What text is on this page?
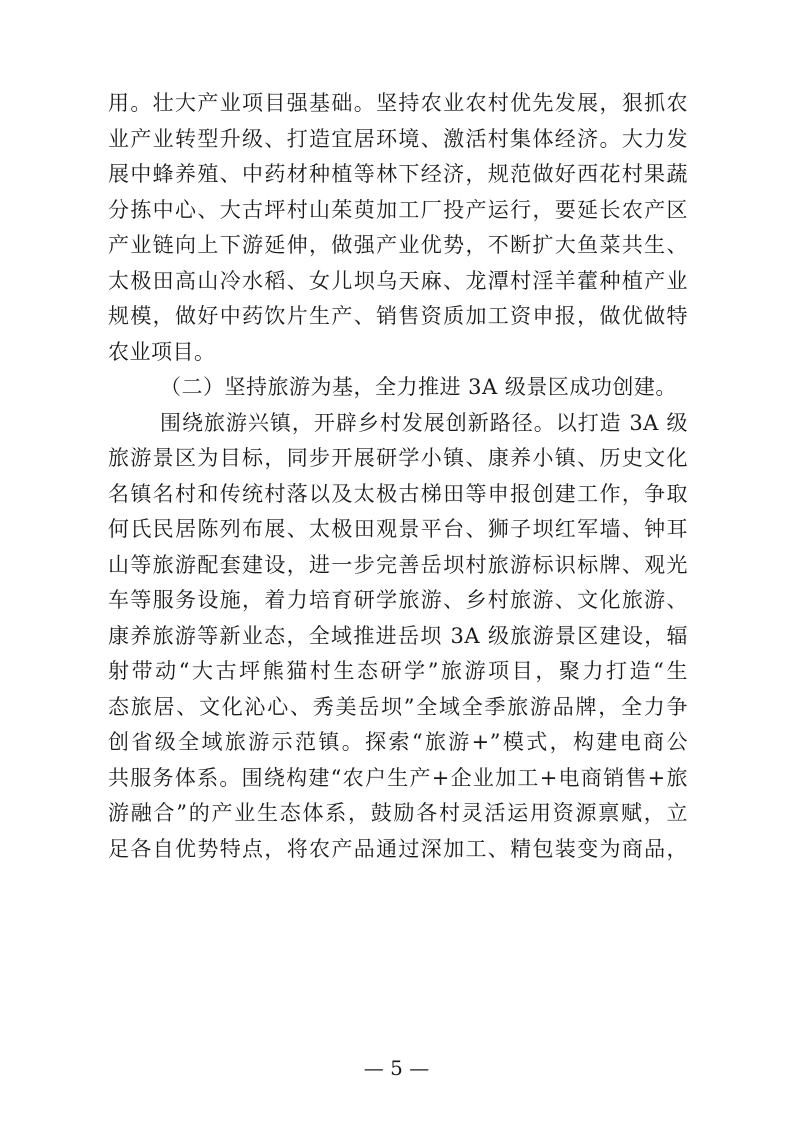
用。壮大产业项目强基础。坚持农业农村优先发展，狠抓农
业产业转型升级、打造宜居环境、激活村集体经济。大力发
展中蜂养殖、中药材种植等林下经济，规范做好西花村果蔬
分拣中心、大古坪村山茱萸加工厂投产运行，要延长农产区
产业链向上下游延伸，做强产业优势，不断扩大鱼菜共生、
太极田高山冷水稻、女儿坝乌天麻、龙潭村淫羊藿种植产业
规模，做好中药饮片生产、销售资质加工资申报，做优做特
农业项目。
（二）坚持旅游为基，全力推进 3A 级景区成功创建。
围绕旅游兴镇，开辟乡村发展创新路径。以打造 3A 级
旅游景区为目标，同步开展研学小镇、康养小镇、历史文化
名镇名村和传统村落以及太极古梯田等申报创建工作，争取
何氏民居陈列布展、太极田观景平台、狮子坝红军墙、钟耳
山等旅游配套建设，进一步完善岳坝村旅游标识标牌、观光
车等服务设施，着力培育研学旅游、乡村旅游、文化旅游、
康养旅游等新业态，全域推进岳坝 3A 级旅游景区建设，辐
射带动“大古坪熊猫村生态研学”旅游项目，聚力打造“生
态旅居、文化沁心、秀美岳坝”全域全季旅游品牌，全力争
创省级全域旅游示范镇。探索“旅游+”模式，构建电商公
共服务体系。围绕构建“农户生产+企业加工+电商销售+旅
游融合”的产业生态体系，鼓励各村灵活运用资源禀赋，立
足各自优势特点，将农产品通过深加工、精包装变为商品，
— 5 —
